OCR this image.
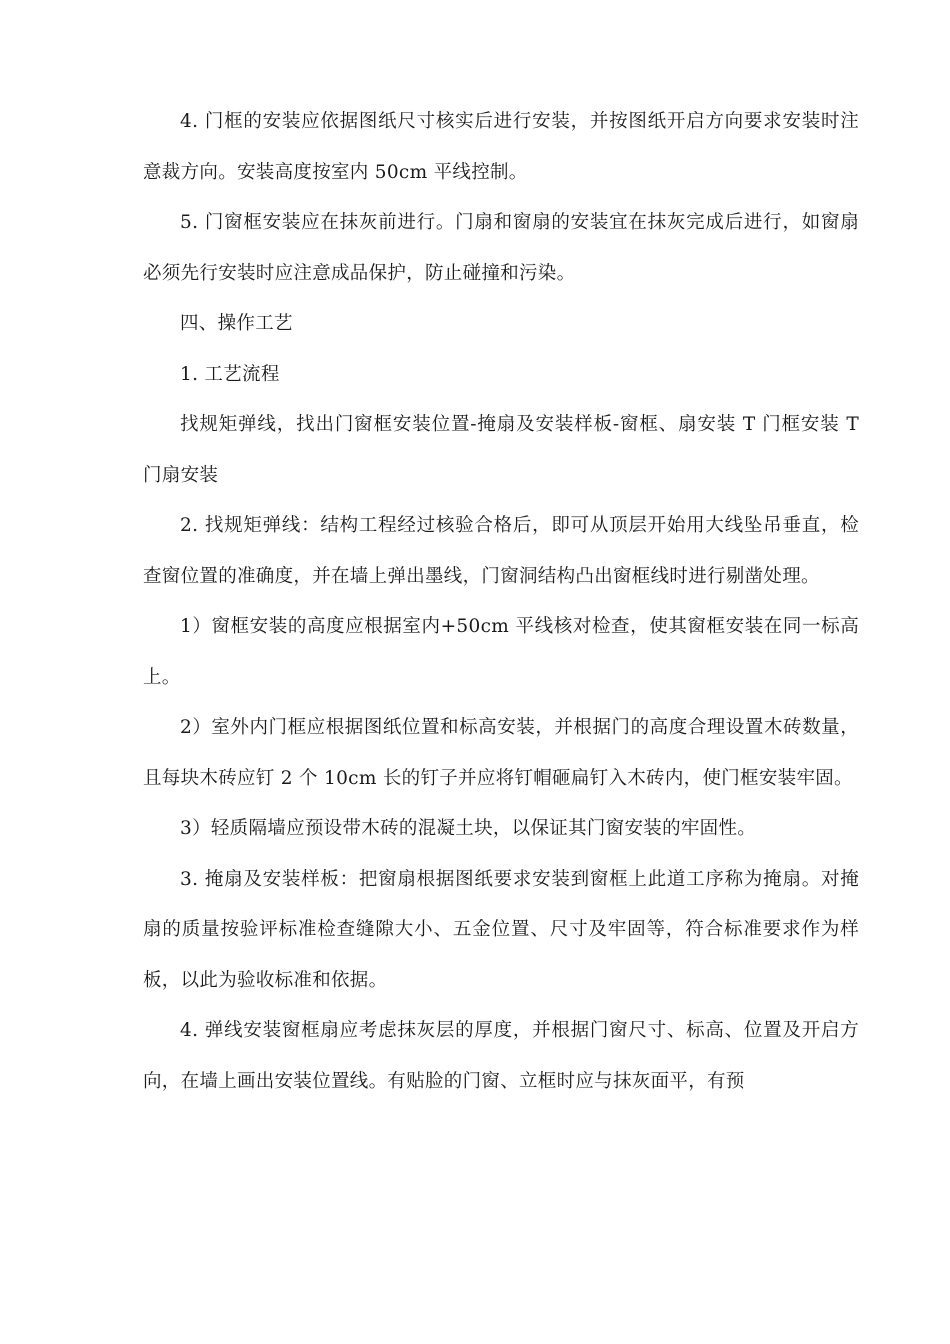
4. 门框的安装应依据图纸尺寸核实后进行安装，并按图纸开启方向要求安装时注意裁方向。安装高度按室内 50cm 平线控制。

5. 门窗框安装应在抹灰前进行。门扇和窗扇的安装宜在抹灰完成后进行，如窗扇必须先行安装时应注意成品保护，防止碰撞和污染。

四、操作工艺

1. 工艺流程

找规矩弹线，找出门窗框安装位置-掩扇及安装样板-窗框、扇安装 T 门框安装 T 门扇安装

2. 找规矩弹线：结构工程经过核验合格后，即可从顶层开始用大线坠吊垂直，检查窗位置的准确度，并在墙上弹出墨线，门窗洞结构凸出窗框线时进行剔凿处理。

1）窗框安装的高度应根据室内+50cm 平线核对检查，使其窗框安装在同一标高上。

2）室外内门框应根据图纸位置和标高安装，并根据门的高度合理设置木砖数量，且每块木砖应钉 2 个 10cm 长的钉子并应将钉帽砸扁钉入木砖内，使门框安装牢固。

3）轻质隔墙应预设带木砖的混凝土块，以保证其门窗安装的牢固性。

3. 掩扇及安装样板：把窗扇根据图纸要求安装到窗框上此道工序称为掩扇。对掩扇的质量按验评标准检查缝隙大小、五金位置、尺寸及牢固等，符合标准要求作为样板，以此为验收标准和依据。

4. 弹线安装窗框扇应考虑抹灰层的厚度，并根据门窗尺寸、标高、位置及开启方向，在墙上画出安装位置线。有贴脸的门窗、立框时应与抹灰面平，有预
